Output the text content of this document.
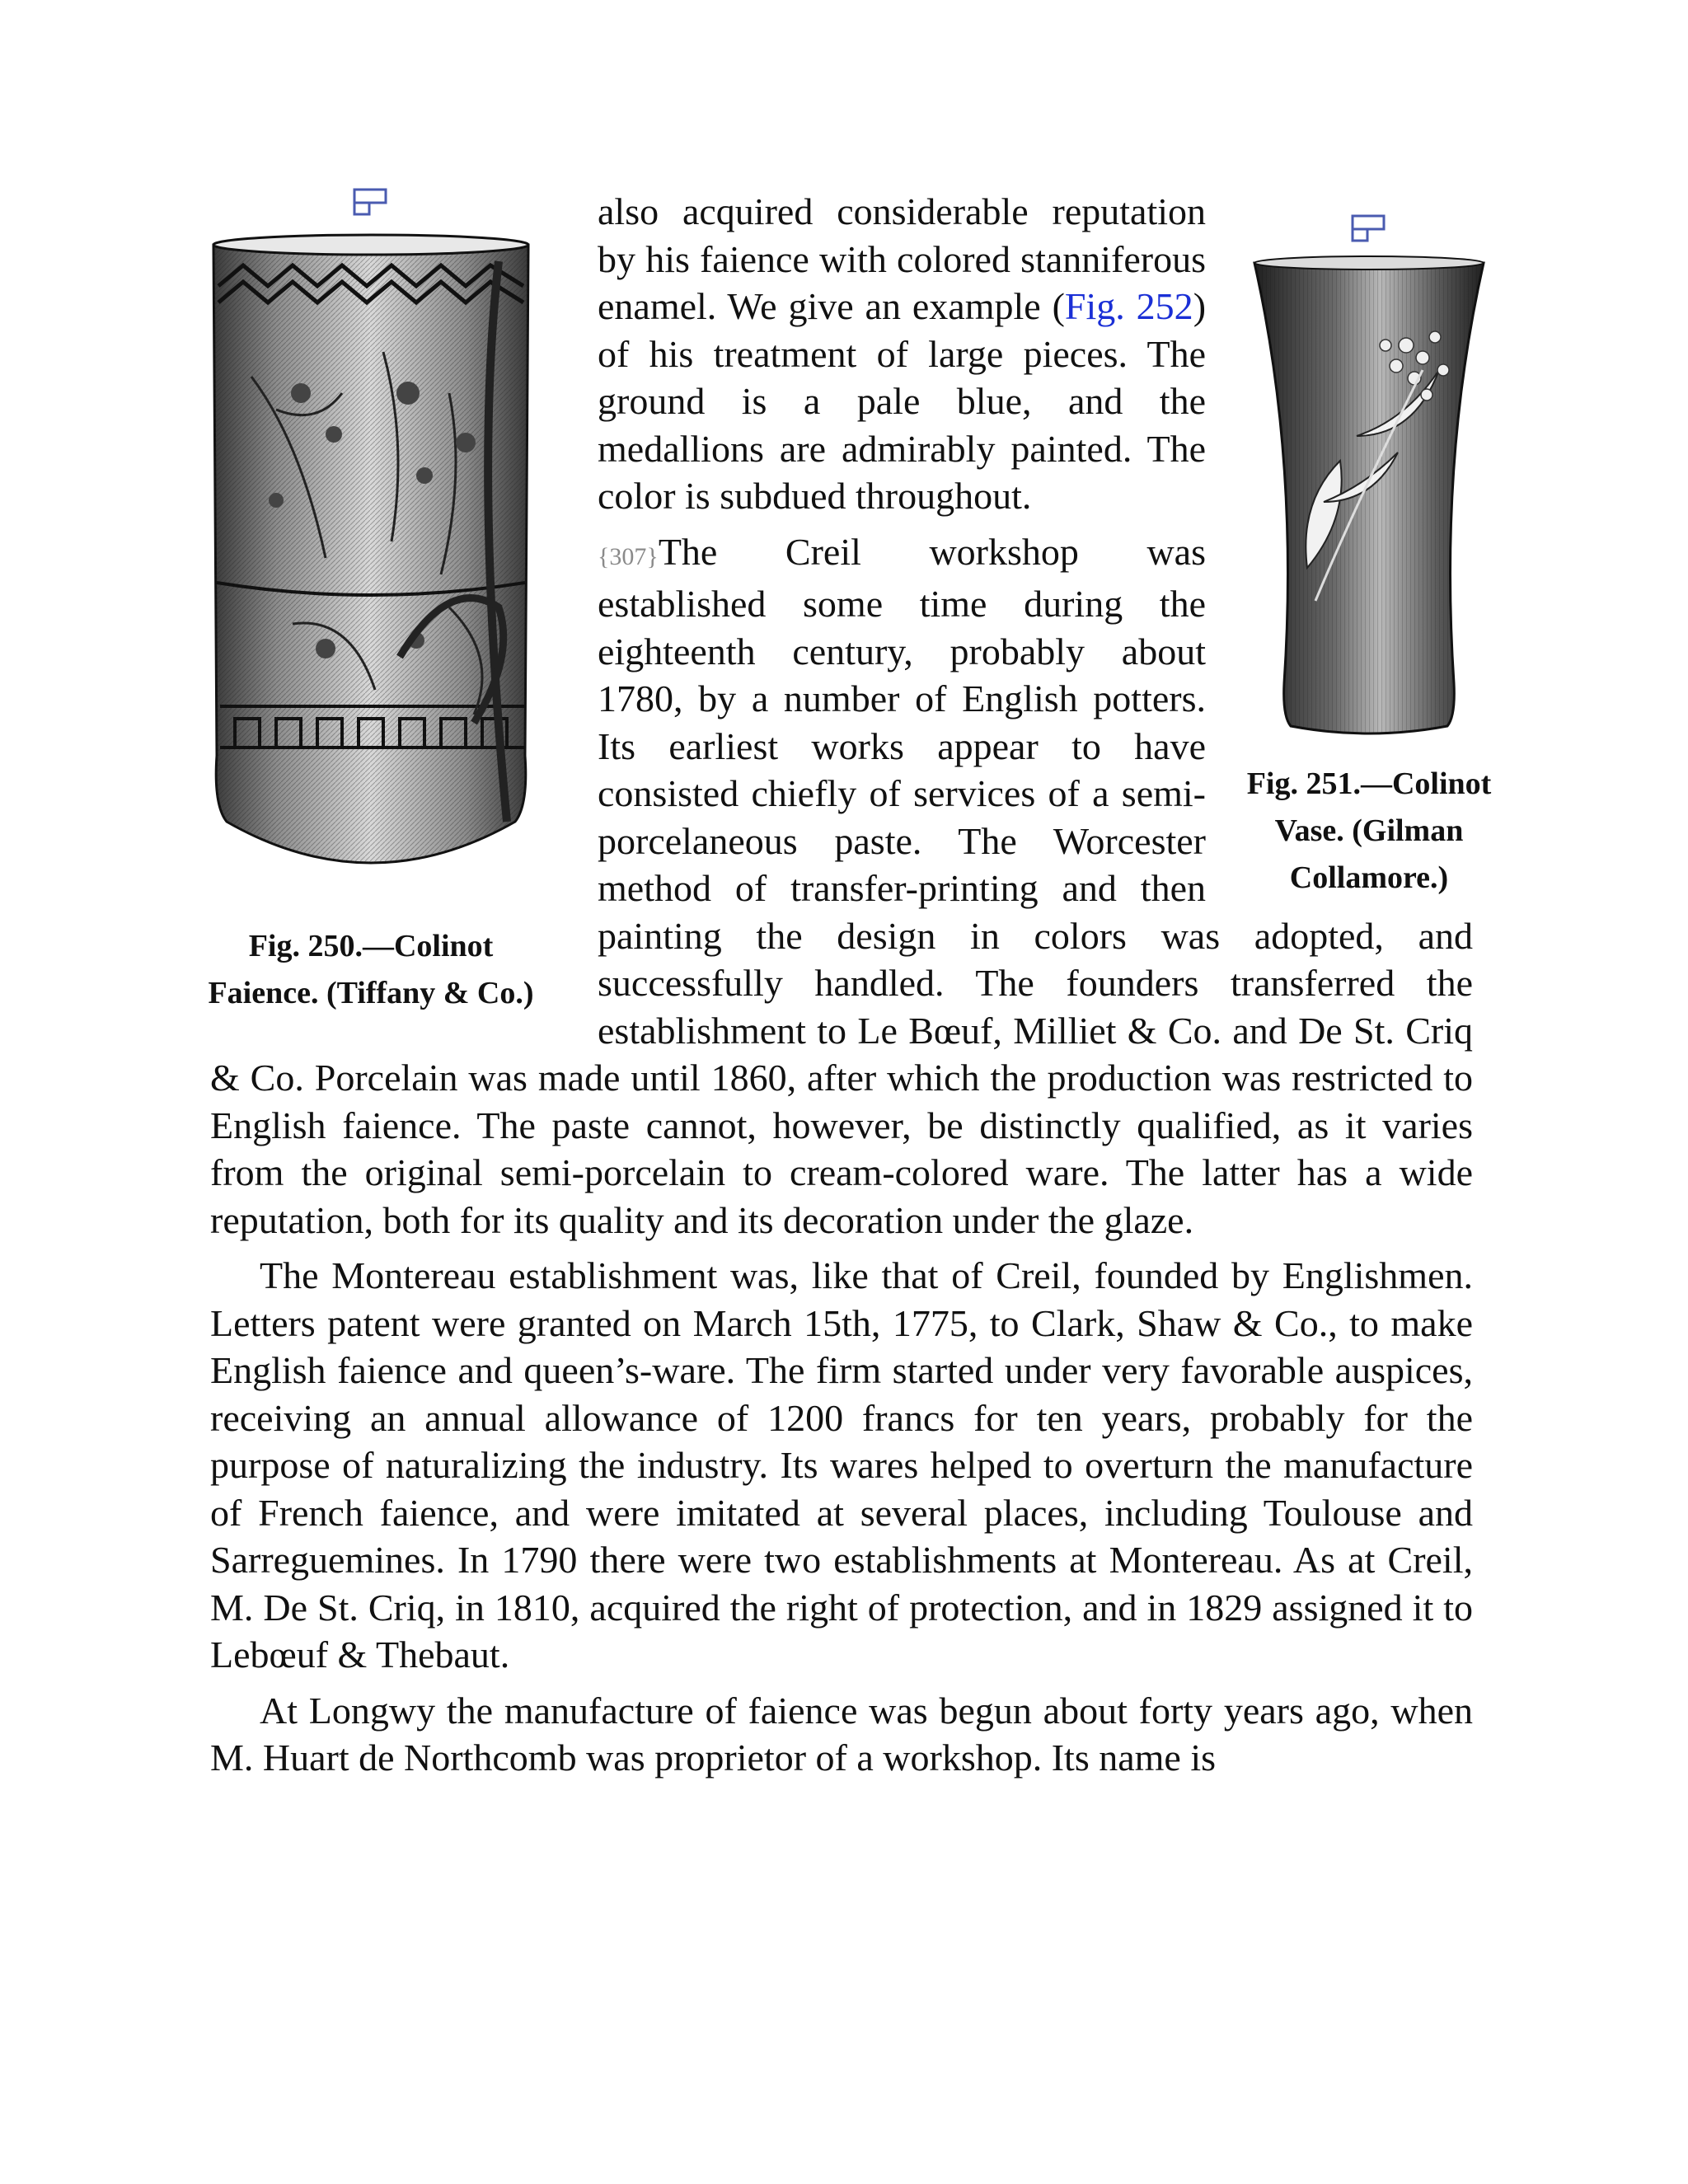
Fig. 250.—Colinot Faience. (Tiffany & Co.)
Fig. 251.—Colinot Vase. (Gilman Collamore.)

also acquired considerable reputation by his faience with colored stanniferous enamel. We give an example (Fig. 252) of his treatment of large pieces. The ground is a pale blue, and the medallions are admirably painted. The color is subdued throughout.

{307}The Creil workshop was established some time during the eighteenth century, probably about 1780, by a number of English potters. Its earliest works appear to have consisted chiefly of services of a semi-porcelaneous paste. The Worcester method of transfer-printing and then painting the design in colors was adopted, and successfully handled. The founders transferred the establishment to Le Bœuf, Milliet & Co. and De St. Criq & Co. Porcelain was made until 1860, after which the production was restricted to English faience. The paste cannot, however, be distinctly qualified, as it varies from the original semi-porcelain to cream-colored ware. The latter has a wide reputation, both for its quality and its decoration under the glaze.

The Montereau establishment was, like that of Creil, founded by Englishmen. Letters patent were granted on March 15th, 1775, to Clark, Shaw & Co., to make English faience and queen’s-ware. The firm started under very favorable auspices, receiving an annual allowance of 1200 francs for ten years, probably for the purpose of naturalizing the industry. Its wares helped to overturn the manufacture of French faience, and were imitated at several places, including Toulouse and Sarreguemines. In 1790 there were two establishments at Montereau. As at Creil, M. De St. Criq, in 1810, acquired the right of protection, and in 1829 assigned it to Lebœuf & Thebaut.

At Longwy the manufacture of faience was begun about forty years ago, when M. Huart de Northcomb was proprietor of a workshop. Its name is
